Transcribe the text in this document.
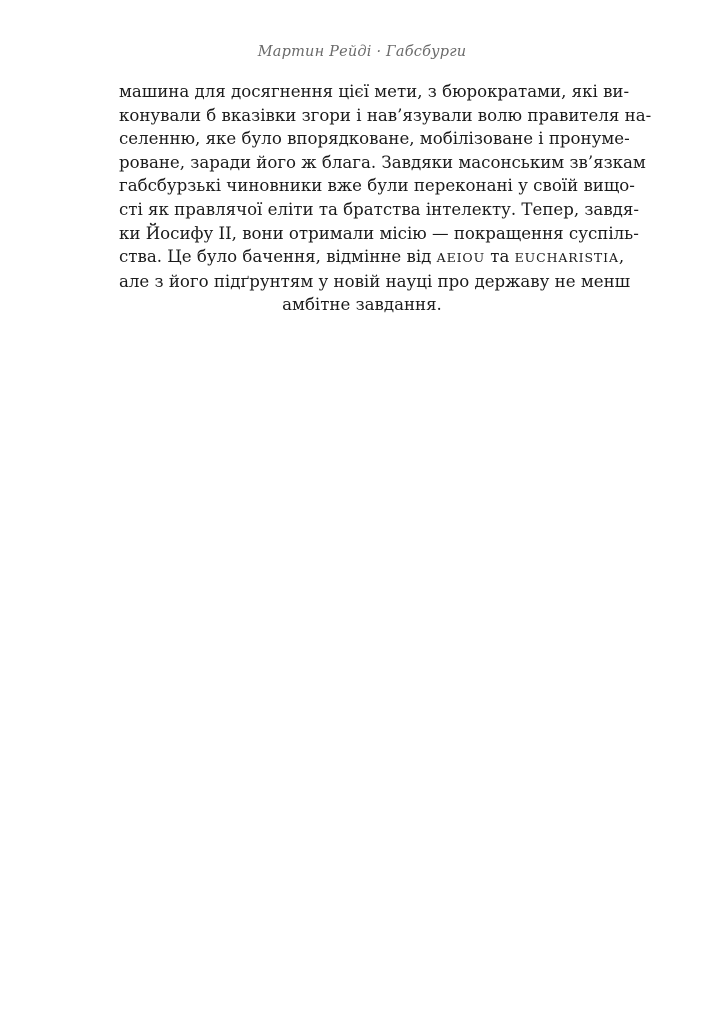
Мартин Рейді · Габсбурги
машина для досягнення цієї мети, з бюрократами, які ви-
конували б вказівки згори і нав’язували волю правителя на-
селенню, яке було впорядковане, мобілізоване і пронуме-
роване, заради його ж блага. Завдяки масонським зв’язкам
габсбурзькі чиновники вже були переконані у своїй вищо-
сті як правлячої еліти та братства інтелекту. Тепер, завдя-
ки Йосифу II, вони отримали місію — покращення суспіль-
ства. Це було бачення, відмінне від AEIOU та EUCHARISTIA,
але з його підґрунтям у новій науці про державу не менш
амбітне завдання.
